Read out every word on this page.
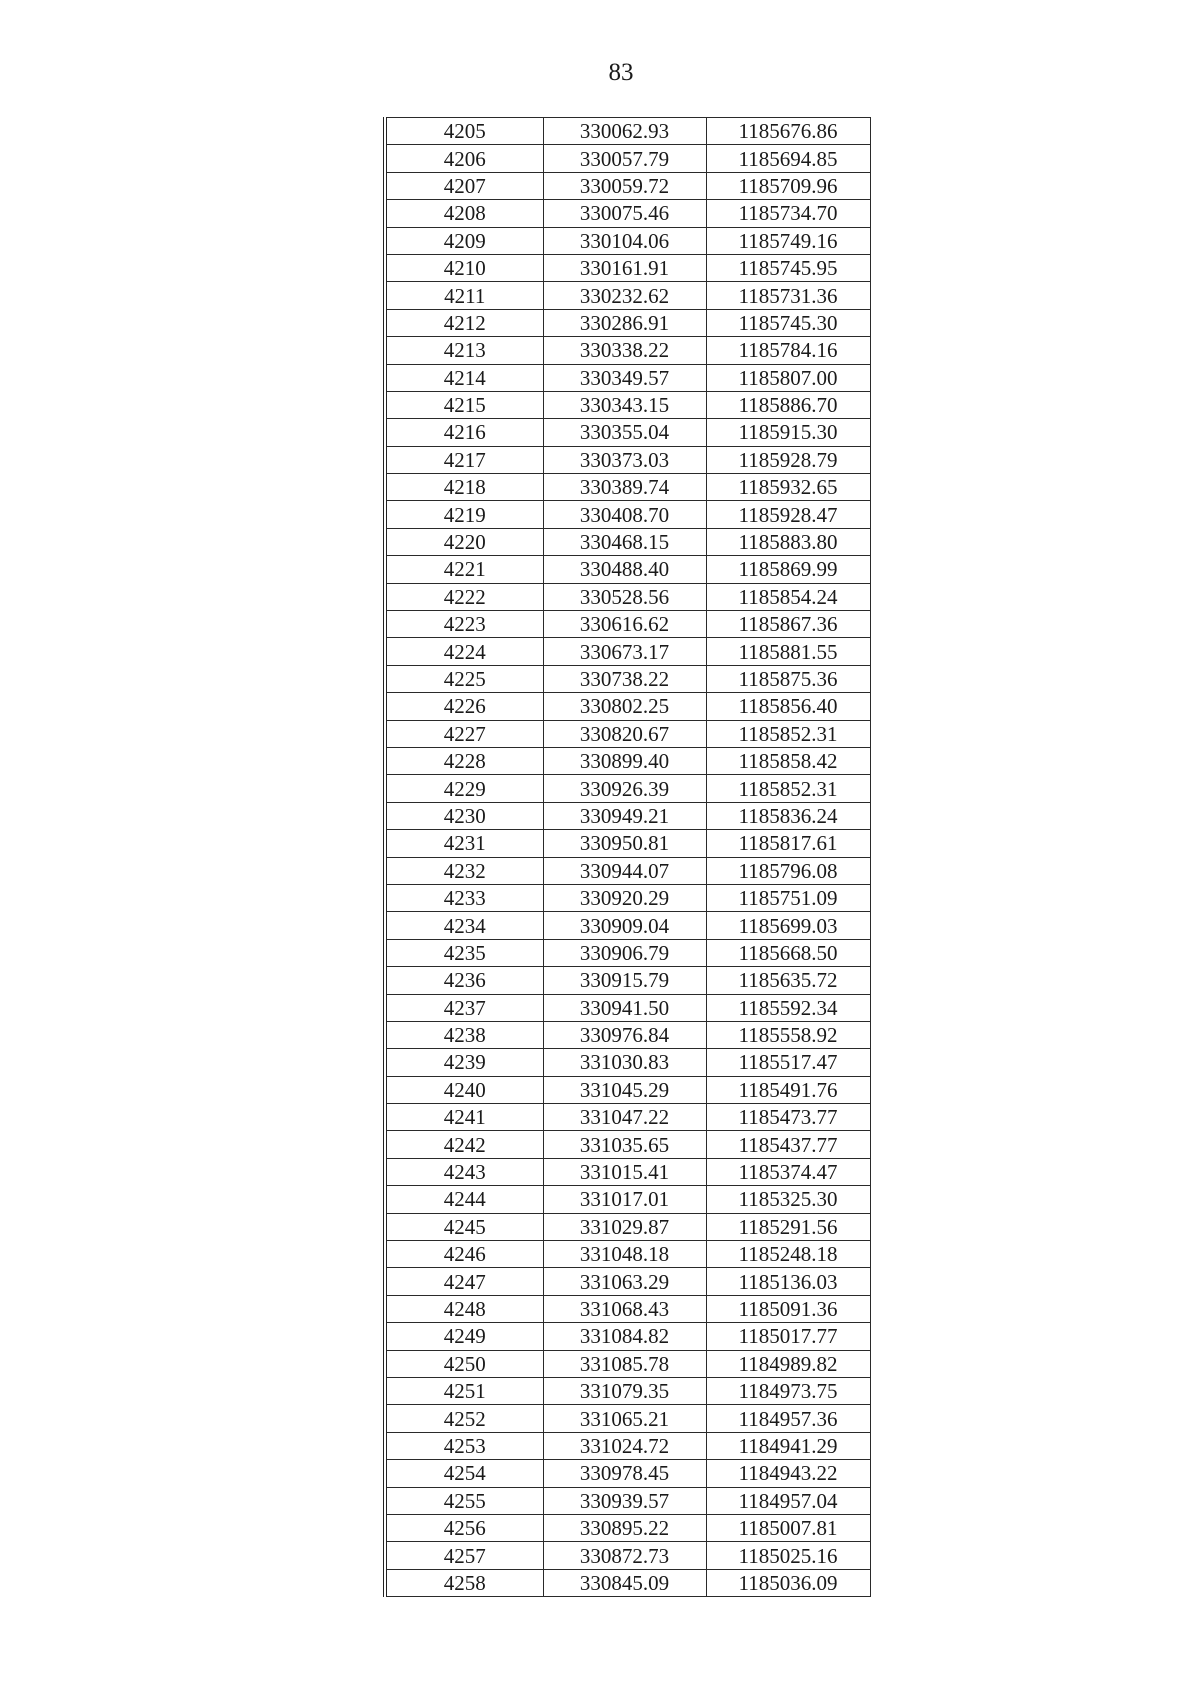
83
4205	330062.93	1185676.86
4206	330057.79	1185694.85
4207	330059.72	1185709.96
4208	330075.46	1185734.70
4209	330104.06	1185749.16
4210	330161.91	1185745.95
4211	330232.62	1185731.36
4212	330286.91	1185745.30
4213	330338.22	1185784.16
4214	330349.57	1185807.00
4215	330343.15	1185886.70
4216	330355.04	1185915.30
4217	330373.03	1185928.79
4218	330389.74	1185932.65
4219	330408.70	1185928.47
4220	330468.15	1185883.80
4221	330488.40	1185869.99
4222	330528.56	1185854.24
4223	330616.62	1185867.36
4224	330673.17	1185881.55
4225	330738.22	1185875.36
4226	330802.25	1185856.40
4227	330820.67	1185852.31
4228	330899.40	1185858.42
4229	330926.39	1185852.31
4230	330949.21	1185836.24
4231	330950.81	1185817.61
4232	330944.07	1185796.08
4233	330920.29	1185751.09
4234	330909.04	1185699.03
4235	330906.79	1185668.50
4236	330915.79	1185635.72
4237	330941.50	1185592.34
4238	330976.84	1185558.92
4239	331030.83	1185517.47
4240	331045.29	1185491.76
4241	331047.22	1185473.77
4242	331035.65	1185437.77
4243	331015.41	1185374.47
4244	331017.01	1185325.30
4245	331029.87	1185291.56
4246	331048.18	1185248.18
4247	331063.29	1185136.03
4248	331068.43	1185091.36
4249	331084.82	1185017.77
4250	331085.78	1184989.82
4251	331079.35	1184973.75
4252	331065.21	1184957.36
4253	331024.72	1184941.29
4254	330978.45	1184943.22
4255	330939.57	1184957.04
4256	330895.22	1185007.81
4257	330872.73	1185025.16
4258	330845.09	1185036.09
